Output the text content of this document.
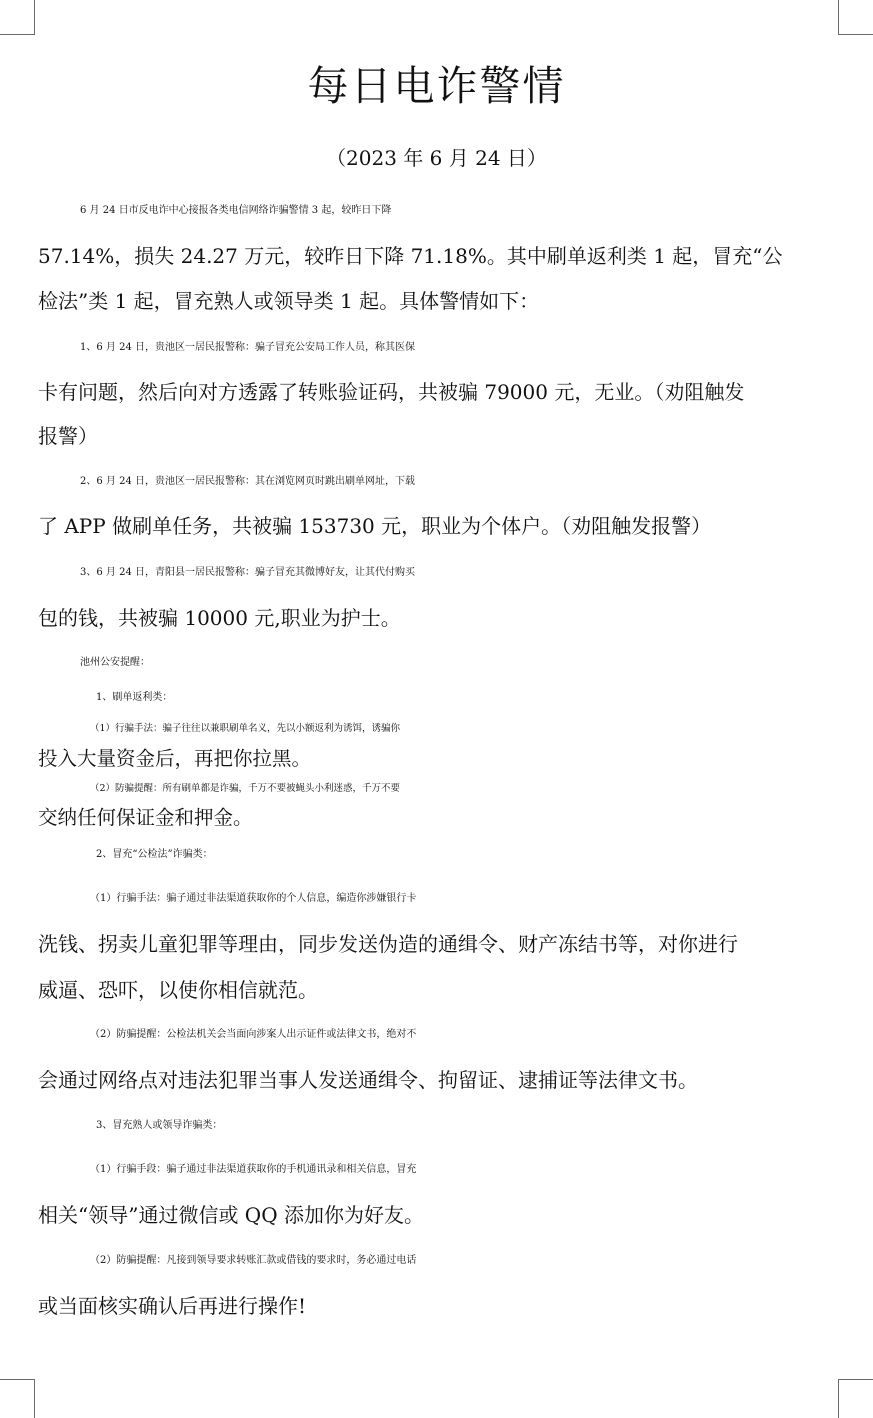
每日电诈警情
（2023 年 6 月 24 日）
6 月 24 日市反电诈中心接报各类电信网络诈骗警情 3 起，较昨日下降
57.14%，损失 24.27 万元，较昨日下降 71.18%。其中刷单返利类 1 起，冒充“公
检法”类 1 起，冒充熟人或领导类 1 起。具体警情如下：
1、6 月 24 日，贵池区一居民报警称：骗子冒充公安局工作人员，称其医保
卡有问题，然后向对方透露了转账验证码，共被骗 79000 元，无业。（劝阻触发
报警）
2、6 月 24 日，贵池区一居民报警称：其在浏览网页时跳出刷单网址，下载
了 APP 做刷单任务，共被骗 153730 元，职业为个体户。（劝阻触发报警）
3、6 月 24 日，青阳县一居民报警称：骗子冒充其微博好友，让其代付购买
包的钱，共被骗 10000 元,职业为护士。
池州公安提醒：
1、刷单返利类：
（1）行骗手法：骗子往往以兼职刷单名义，先以小额返利为诱饵，诱骗你
投入大量资金后，再把你拉黑。
（2）防骗提醒：所有刷单都是诈骗，千万不要被蝇头小利迷惑，千万不要
交纳任何保证金和押金。
2、冒充“公检法”诈骗类：
（1）行骗手法：骗子通过非法渠道获取你的个人信息，编造你涉嫌银行卡
洗钱、拐卖儿童犯罪等理由，同步发送伪造的通缉令、财产冻结书等，对你进行
威逼、恐吓，以使你相信就范。
（2）防骗提醒：公检法机关会当面向涉案人出示证件或法律文书，绝对不
会通过网络点对违法犯罪当事人发送通缉令、拘留证、逮捕证等法律文书。
3、冒充熟人或领导诈骗类：
（1）行骗手段：骗子通过非法渠道获取你的手机通讯录和相关信息，冒充
相关“领导”通过微信或 QQ 添加你为好友。
（2）防骗提醒：凡接到领导要求转账汇款或借钱的要求时，务必通过电话
或当面核实确认后再进行操作!
